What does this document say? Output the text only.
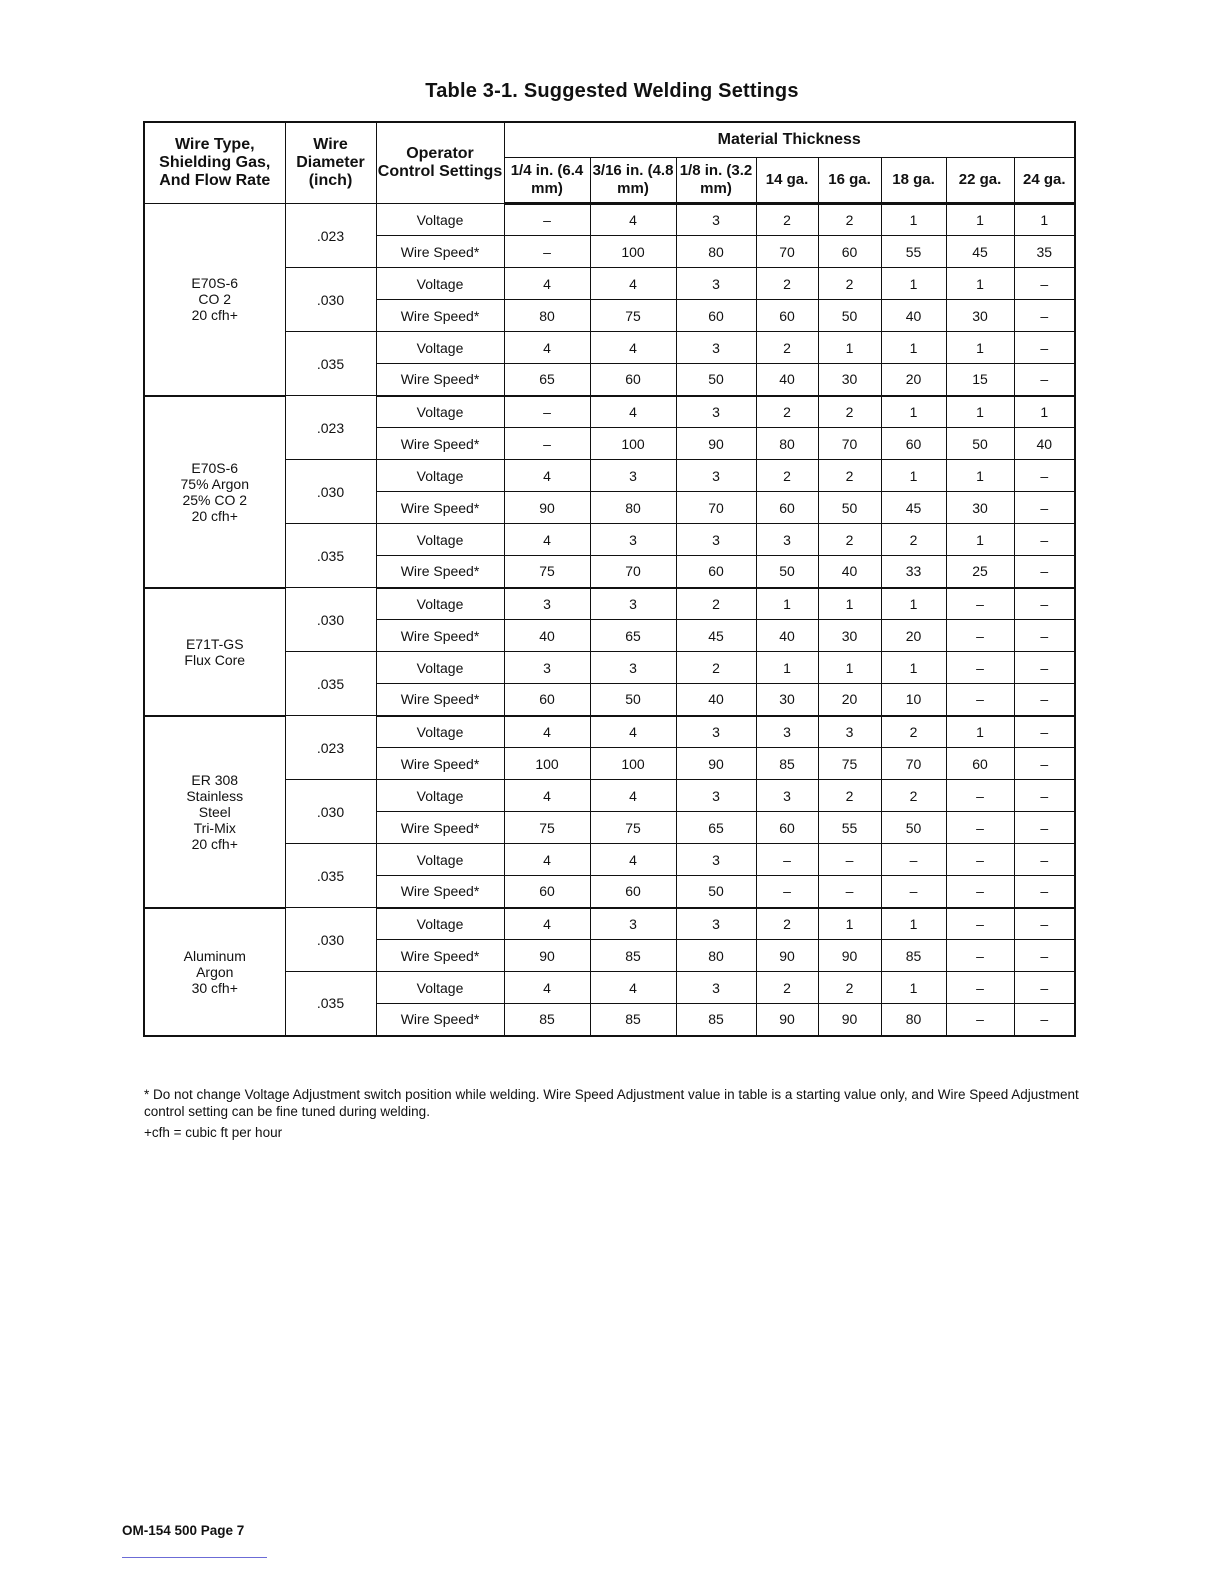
Table 3-1. Suggested Welding Settings
Wire Type, Shielding Gas, And Flow Rate	Wire Diameter (inch)	Operator Control Settings	Material Thickness							
			1/4 in. (6.4 mm)	3/16 in. (4.8 mm)	1/8 in. (3.2 mm)	14 ga.	16 ga.	18 ga.	22 ga.	24 ga.

E70S-6
CO 2
20 cfh+	.023	Voltage	–	4	3	2	2	1	1	1
		Wire Speed*	–	100	80	70	60	55	45	35
	.030	Voltage	4	4	3	2	2	1	1	–
		Wire Speed*	80	75	60	60	50	40	30	–
	.035	Voltage	4	4	3	2	1	1	1	–
		Wire Speed*	65	60	50	40	30	20	15	–

E70S-6
75% Argon
25% CO 2
20 cfh+	.023	Voltage	–	4	3	2	2	1	1	1
		Wire Speed*	–	100	90	80	70	60	50	40
	.030	Voltage	4	3	3	2	2	1	1	–
		Wire Speed*	90	80	70	60	50	45	30	–
	.035	Voltage	4	3	3	3	2	2	1	–
		Wire Speed*	75	70	60	50	40	33	25	–

E71T-GS
Flux Core	.030	Voltage	3	3	2	1	1	1	–	–
		Wire Speed*	40	65	45	40	30	20	–	–
	.035	Voltage	3	3	2	1	1	1	–	–
		Wire Speed*	60	50	40	30	20	10	–	–

ER 308
Stainless
Steel
Tri-Mix
20 cfh+	.023	Voltage	4	4	3	3	3	2	1	–
		Wire Speed*	100	100	90	85	75	70	60	–
	.030	Voltage	4	4	3	3	2	2	–	–
		Wire Speed*	75	75	65	60	55	50	–	–
	.035	Voltage	4	4	3	–	–	–	–	–
		Wire Speed*	60	60	50	–	–	–	–	–

Aluminum
Argon
30 cfh+	.030	Voltage	4	3	3	2	1	1	–	–
		Wire Speed*	90	85	80	90	90	85	–	–
	.035	Voltage	4	4	3	2	2	1	–	–
		Wire Speed*	85	85	85	90	90	80	–	–
* Do not change Voltage Adjustment switch position while welding. Wire Speed Adjustment value in table is a starting value only, and Wire Speed Adjustment control setting can be fine tuned during welding.
+cfh = cubic ft per hour
OM-154 500 Page 7
